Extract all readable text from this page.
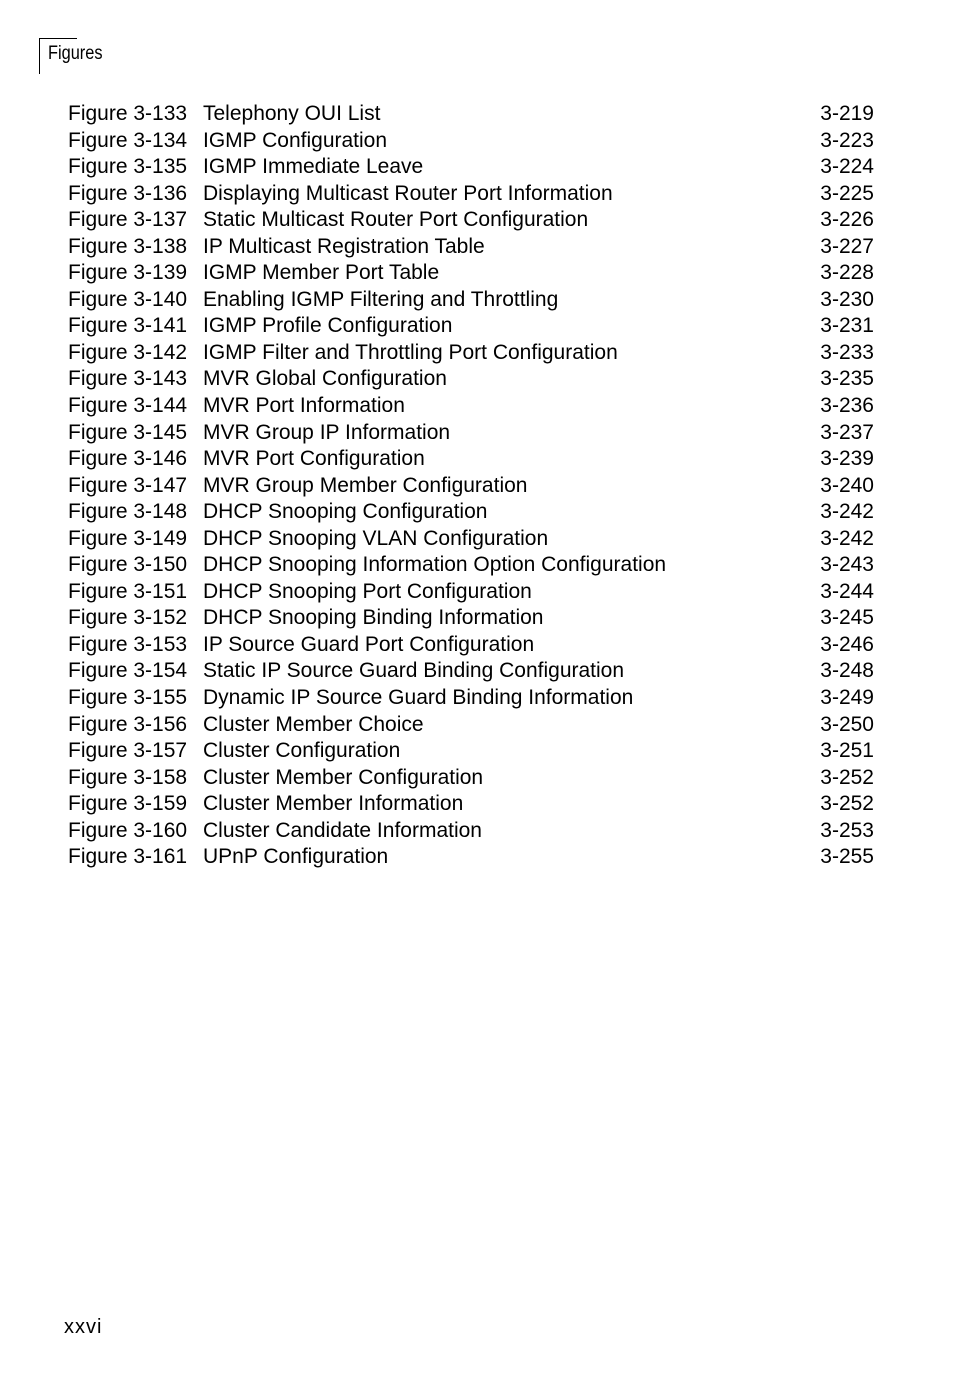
Figures
Figure 3-133 Telephony OUI List	3-219
Figure 3-134 IGMP Configuration	3-223
Figure 3-135 IGMP Immediate Leave	3-224
Figure 3-136 Displaying Multicast Router Port Information	3-225
Figure 3-137 Static Multicast Router Port Configuration	3-226
Figure 3-138 IP Multicast Registration Table	3-227
Figure 3-139 IGMP Member Port Table	3-228
Figure 3-140 Enabling IGMP Filtering and Throttling	3-230
Figure 3-141 IGMP Profile Configuration	3-231
Figure 3-142 IGMP Filter and Throttling Port Configuration	3-233
Figure 3-143 MVR Global Configuration	3-235
Figure 3-144 MVR Port Information	3-236
Figure 3-145 MVR Group IP Information	3-237
Figure 3-146 MVR Port Configuration	3-239
Figure 3-147 MVR Group Member Configuration	3-240
Figure 3-148 DHCP Snooping Configuration	3-242
Figure 3-149 DHCP Snooping VLAN Configuration	3-242
Figure 3-150 DHCP Snooping Information Option Configuration	3-243
Figure 3-151 DHCP Snooping Port Configuration	3-244
Figure 3-152 DHCP Snooping Binding Information	3-245
Figure 3-153 IP Source Guard Port Configuration	3-246
Figure 3-154 Static IP Source Guard Binding Configuration	3-248
Figure 3-155 Dynamic IP Source Guard Binding Information	3-249
Figure 3-156 Cluster Member Choice	3-250
Figure 3-157 Cluster Configuration	3-251
Figure 3-158 Cluster Member Configuration	3-252
Figure 3-159 Cluster Member Information	3-252
Figure 3-160 Cluster Candidate Information	3-253
Figure 3-161 UPnP Configuration	3-255
xxvi
